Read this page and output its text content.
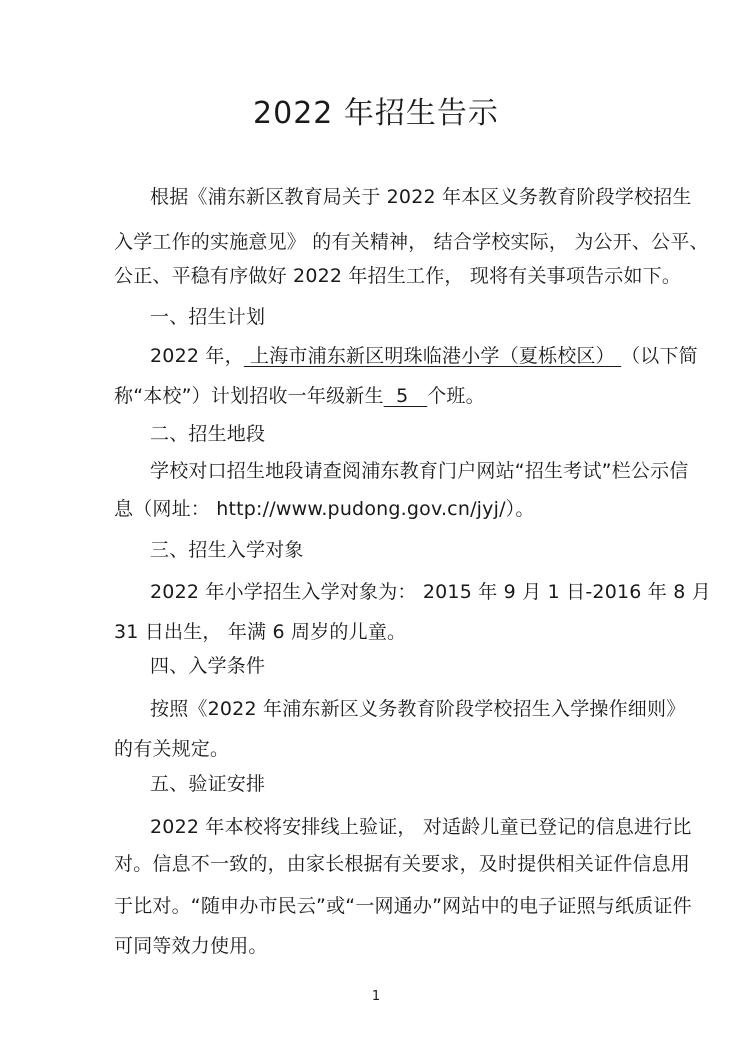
2022 年招生告示
根据《浦东新区教育局关于 2022 年本区义务教育阶段学校招生
入学工作的实施意见》 的有关精神， 结合学校实际， 为公开、公平、
公正、平稳有序做好 2022 年招生工作， 现将有关事项告示如下。
一、招生计划
2022 年， 上海市浦东新区明珠临港小学（夏栎校区） （以下简
称“本校”）计划招收一年级新生  5   个班。
二、招生地段
学校对口招生地段请查阅浦东教育门户网站“招生考试”栏公示信
息（网址： http://www.pudong.gov.cn/jyj/）。
三、招生入学对象
2022 年小学招生入学对象为： 2015 年 9 月 1 日-2016 年 8 月
31 日出生， 年满 6 周岁的儿童。
四、入学条件
按照《2022 年浦东新区义务教育阶段学校招生入学操作细则》
的有关规定。
五、验证安排
2022 年本校将安排线上验证， 对适龄儿童已登记的信息进行比
对。信息不一致的，由家长根据有关要求，及时提供相关证件信息用
于比对。“随申办市民云”或“一网通办”网站中的电子证照与纸质证件
可同等效力使用。
1
